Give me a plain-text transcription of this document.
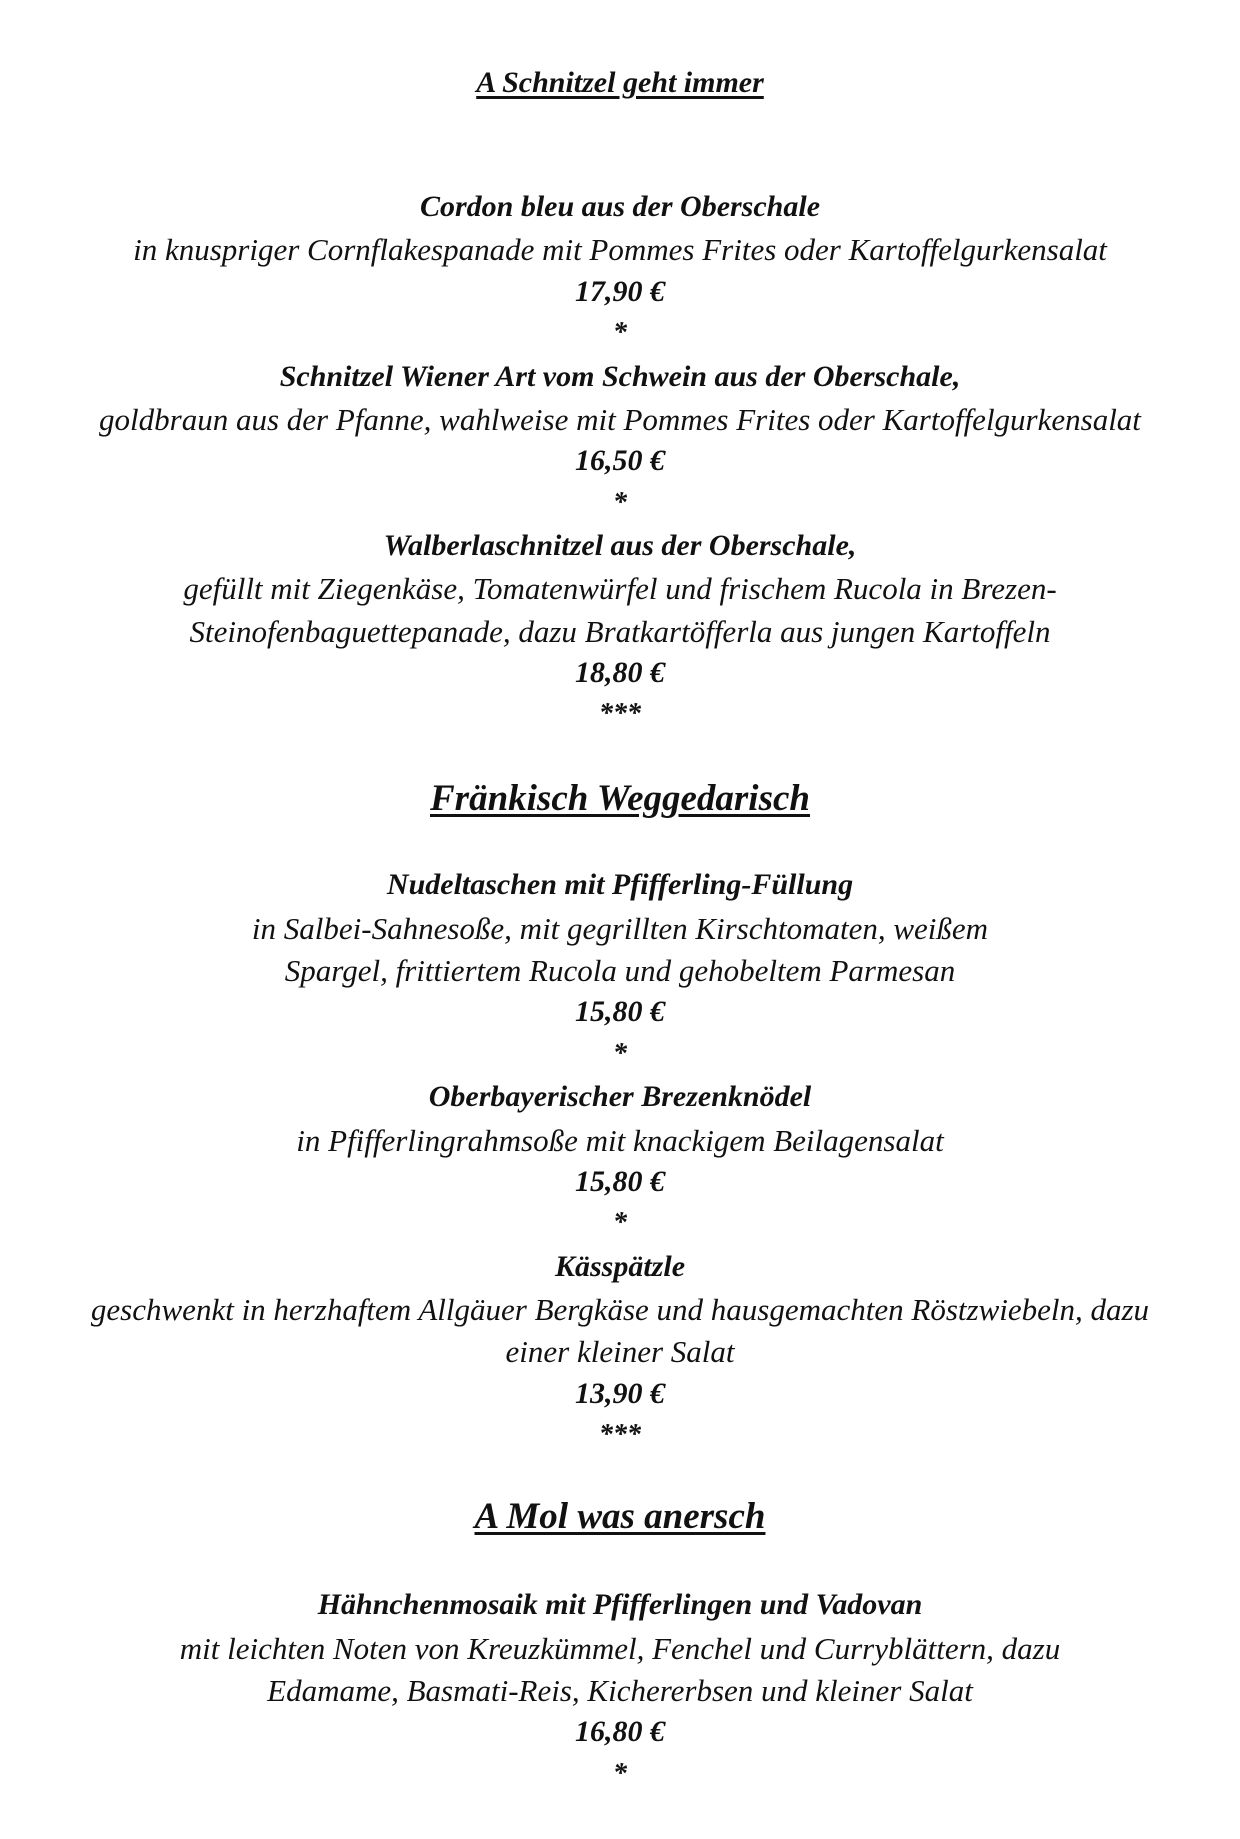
A Schnitzel geht immer
Cordon bleu aus der Oberschale
in knuspriger Cornflakespanade mit Pommes Frites oder Kartoffelgurkensalat
17,90 €
*
Schnitzel Wiener Art vom Schwein aus der Oberschale,
goldbraun aus der Pfanne, wahlweise mit Pommes Frites oder Kartoffelgurkensalat
16,50 €
*
Walberlaschnitzel aus der Oberschale,
gefüllt mit Ziegenkäse, Tomatenwürfel und frischem Rucola in Brezen-
Steinofenbaguettepanade, dazu Bratkartöfferla aus jungen Kartoffeln
18,80 €
***
Fränkisch Weggedarisch
Nudeltaschen mit Pfifferling-Füllung
in Salbei-Sahnesoße, mit gegrillten Kirschtomaten, weißem
Spargel, frittiertem Rucola und gehobeltem Parmesan
15,80 €
*
Oberbayerischer Brezenknödel
in Pfifferlingrahmsoße mit knackigem Beilagensalat
15,80 €
*
Kässpätzle
geschwenkt in herzhaftem Allgäuer Bergkäse und hausgemachten Röstzwiebeln, dazu
einer kleiner Salat
13,90 €
***
A Mol was anersch
Hähnchenmosaik mit Pfifferlingen und Vadovan
mit leichten Noten von Kreuzkümmel, Fenchel und Curryblättern, dazu
Edamame, Basmati-Reis, Kichererbsen und kleiner Salat
16,80 €
*
